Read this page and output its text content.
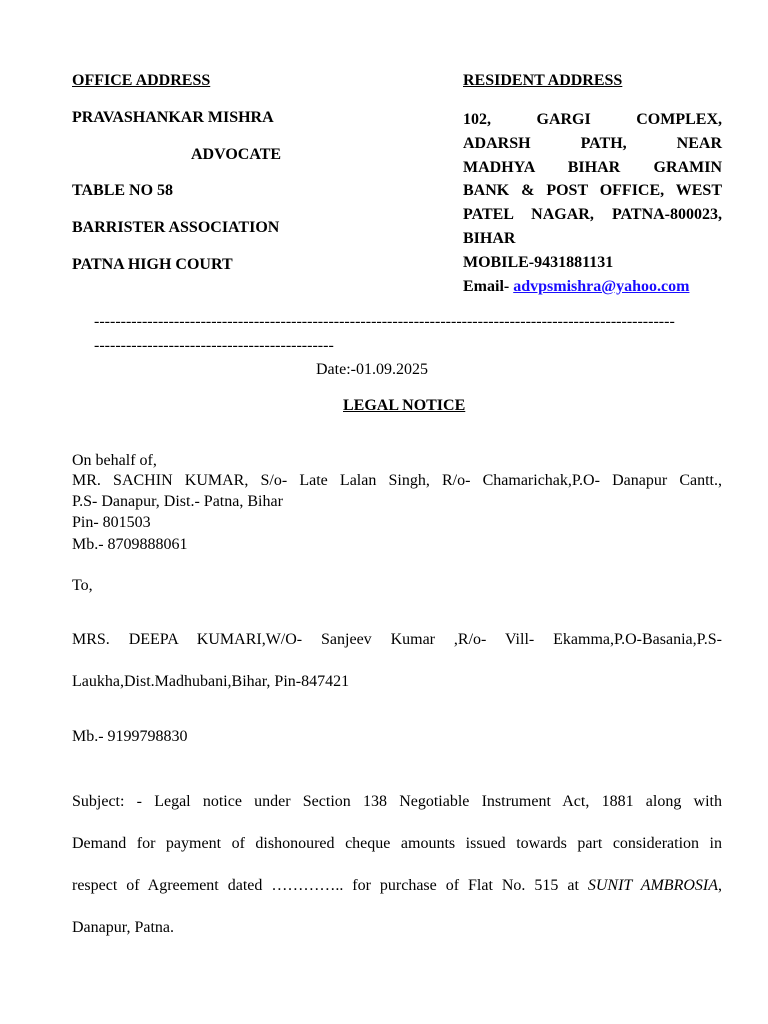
OFFICE ADDRESS
PRAVASHANKAR MISHRA
ADVOCATE
TABLE NO 58
BARRISTER ASSOCIATION
PATNA HIGH COURT
RESIDENT ADDRESS
102, GARGI COMPLEX,
ADARSH PATH, NEAR
MADHYA BIHAR GRAMIN
BANK & POST OFFICE, WEST
PATEL NAGAR, PATNA-800023,
BIHAR
MOBILE-9431881131
Email- advpsmishra@yahoo.com
-------------------------------------------------------------------------------------------------------------
---------------------------------------------
Date:-01.09.2025
LEGAL NOTICE
On behalf of,
MR. SACHIN KUMAR, S/o- Late Lalan Singh, R/o- Chamarichak,P.O- Danapur Cantt.,
P.S- Danapur, Dist.- Patna, Bihar
Pin- 801503
Mb.- 8709888061
To,
MRS. DEEPA KUMARI,W/O- Sanjeev Kumar ,R/o- Vill- Ekamma,P.O-Basania,P.S-
Laukha,Dist.Madhubani,Bihar, Pin-847421
Mb.- 9199798830
Subject: - Legal notice under Section 138 Negotiable Instrument Act, 1881 along with
Demand for payment of dishonoured cheque amounts issued towards part consideration in
respect of Agreement dated ………….. for purchase of Flat No. 515 at SUNIT AMBROSIA,
Danapur, Patna.
